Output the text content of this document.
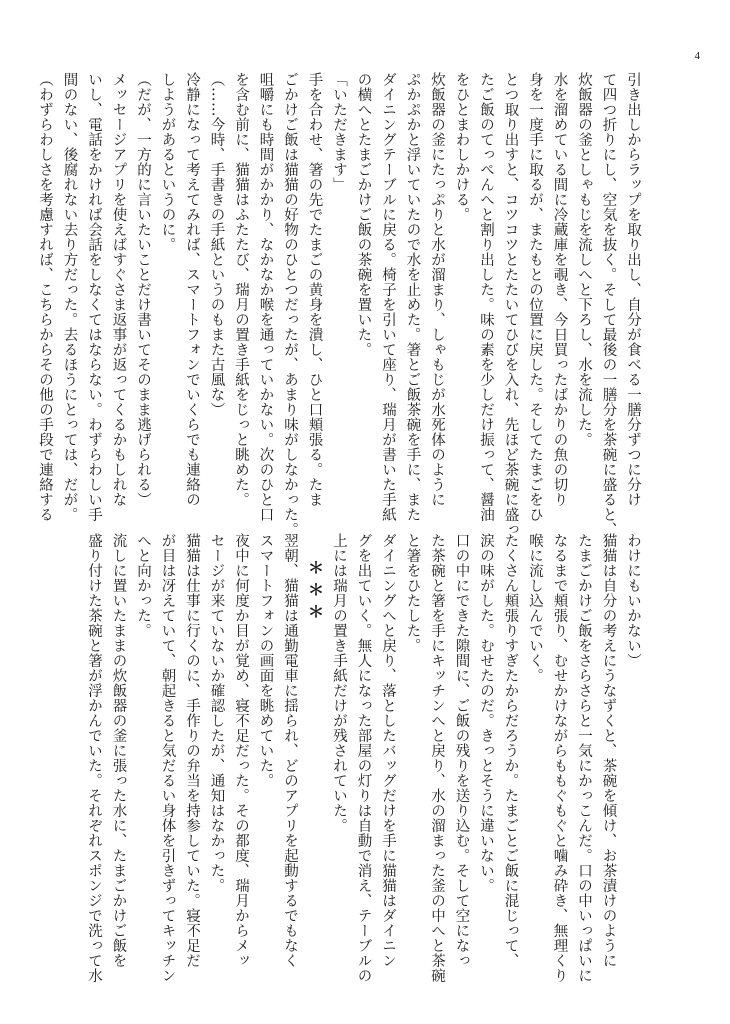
4
引き出しからラップを取り出し、自分が食べる一膳分ずつに分け
て四つ折りにし、空気を抜く。そして最後の一膳分を茶碗に盛ると、
炊飯器の釜としゃもじを流しへと下ろし、水を流した。
水を溜めている間に冷蔵庫を覗き、今日買ったばかりの魚の切り
身を一度手に取るが、またもとの位置に戻した。そしてたまごをひ
とつ取り出すと、コツコツとたたいてひびを入れ、先ほど茶碗に盛っ
たご飯のてっぺんへと割り出した。味の素を少しだけ振って、醤油
をひとまわしかける。
炊飯器の釜にたっぷりと水が溜まり、しゃもじが水死体のように
ぷかぷかと浮いていたので水を止めた。箸とご飯茶碗を手に、また
ダイニングテーブルに戻る。椅子を引いて座り、瑞月が書いた手紙
の横へとたまごかけご飯の茶碗を置いた。
「いただきます」
手を合わせ、箸の先でたまごの黄身を潰し、ひと口頬張る。たま
ごかけご飯は猫猫の好物のひとつだったが、あまり味がしなかった。
咀嚼にも時間がかかり、なかなか喉を通っていかない。次のひと口
を含む前に、猫猫はふたたび、瑞月の置き手紙をじっと眺めた。
（……今時、手書きの手紙というのもまた古風な）
冷静になって考えてみれば、スマートフォンでいくらでも連絡の
しようがあるというのに。
（だが、一方的に言いたいことだけ書いてそのまま逃げられる）
メッセージアプリを使えばすぐさま返事が返ってくるかもしれな
いし、電話をかければ会話をしなくてはならない。わずらわしい手
間のない、後腐れない去り方だった。去るほうにとっては、だが。
（わずらわしさを考慮すれば、こちらからその他の手段で連絡する
わけにもいかない）
猫猫は自分の考えにうなずくと、茶碗を傾け、お茶漬けのように
たまごかけご飯をさらさらと一気にかっこんだ。口の中いっぱいに
なるまで頬張り、むせかけながらももぐもぐと噛み砕き、無理くり
喉に流し込んでいく。
たくさん頬張りすぎたからだろうか。たまごとご飯に混じって、
涙の味がした。むせたのだ。きっとそうに違いない。
口の中にできた隙間に、ご飯の残りを送り込む。そして空になっ
た茶碗と箸を手にキッチンへと戻り、水の溜まった釜の中へと茶碗
と箸をひたした。
ダイニングへと戻り、落としたバッグだけを手に猫猫はダイニン
グを出ていく。無人になった部屋の灯りは自動で消え、テーブルの
上には瑞月の置き手紙だけが残されていた。
＊＊＊
翌朝、猫猫は通勤電車に揺られ、どのアプリを起動するでもなく
スマートフォンの画面を眺めていた。
夜中に何度か目が覚め、寝不足だった。その都度、瑞月からメッ
セージが来ていないか確認したが、通知はなかった。
猫猫は仕事に行くのに、手作りの弁当を持参していた。寝不足だ
が目は冴えていて、朝起きると気だるい身体を引きずってキッチン
へと向かった。
流しに置いたままの炊飯器の釜に張った水に、たまごかけご飯を
盛り付けた茶碗と箸が浮かんでいた。それぞれスポンジで洗って水
